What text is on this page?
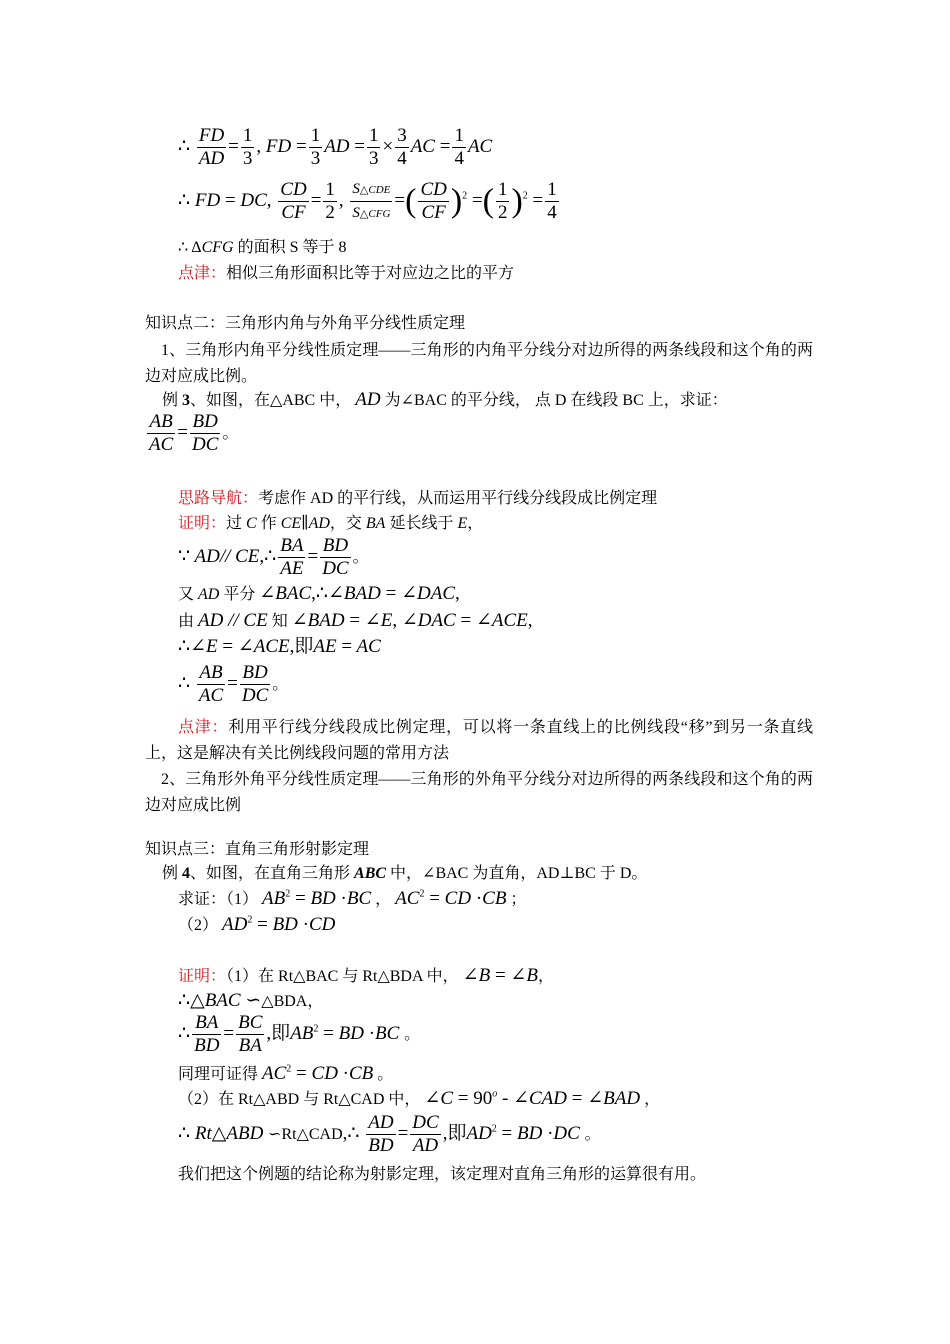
∴ $\frac{FD}{AD} = \frac{1}{3}$ , FD = $\frac{1}{3}$ AD = $\frac{1}{3} \times \frac{3}{4}$ AC = $\frac{1}{4}$ AC
∴ FD = DC, $\frac{CD}{CF} = \frac{1}{2}$ ,
S△CDE
S△CFG
=( $\frac{CD}{CF} )^2$ =( $\frac{1}{2} )^2 = \frac{1}{4}$
∴ ΔCFG 的面积 S 等于 8
点津：相似三角形面积比等于对应边之比的平方
知识点二：三角形内角与外角平分线性质定理
1、三角形内角平分线性质定理——三角形的内角平分线分对边所得的两条线段和这个角的两边对应成比例。
例 3、如图，在△ABC 中， AD 为∠BAC 的平分线， 点 D 在线段 BC 上，求证：
$\frac{AB}{AC} = \frac{BD}{DC}$ 。
思路导航：考虑作 AD 的平行线，从而运用平行线分线段成比例定理
证明：过 C 作 CE∥AD，交 BA 延长线于 E，
∵ AD// CE,∴ $\frac{BA}{AE} = \frac{BD}{DC}$ 。
又 AD 平分 ∠BAC,∴∠BAD = ∠DAC,
由 AD // CE 知 ∠BAD = ∠E, ∠DAC = ∠ACE,
∴∠E = ∠ACE,即AE = AC
∴ $\frac{AB}{AC} = \frac{BD}{DC}$ 。
点津：利用平行线分线段成比例定理，可以将一条直线上的比例线段“移”到另一条直线上，这是解决有关比例线段问题的常用方法
2、三角形外角平分线性质定理——三角形的外角平分线分对边所得的两条线段和这个角的两边对应成比例
知识点三：直角三角形射影定理
例 4、如图，在直角三角形 ABC 中，∠BAC 为直角，AD⊥BC 于 D。
求证：（1） $AB^2$ = BD ·BC ， $AC^2$ = CD ·CB ；
（2） $AD^2$ = BD ·CD
证明：（1）在 Rt△BAC 与 Rt△BDA 中， ∠B = ∠B，
∴△BAC ∽△BDA，
∴ $\frac{BA}{BD} = \frac{BC}{BA}$ ,即$AB^2$ = BD ·BC 。
同理可证得 $AC^2$ = CD ·CB 。
（2）在 Rt△ABD 与 Rt△CAD 中， ∠C = $90^o$ - ∠CAD = ∠BAD ，
∴ Rt△ABD ∽Rt△CAD,∴ $\frac{AD}{BD} = \frac{DC}{AD}$ ,即$AD^2$ = BD ·DC 。
我们把这个例题的结论称为射影定理，该定理对直角三角形的运算很有用。
